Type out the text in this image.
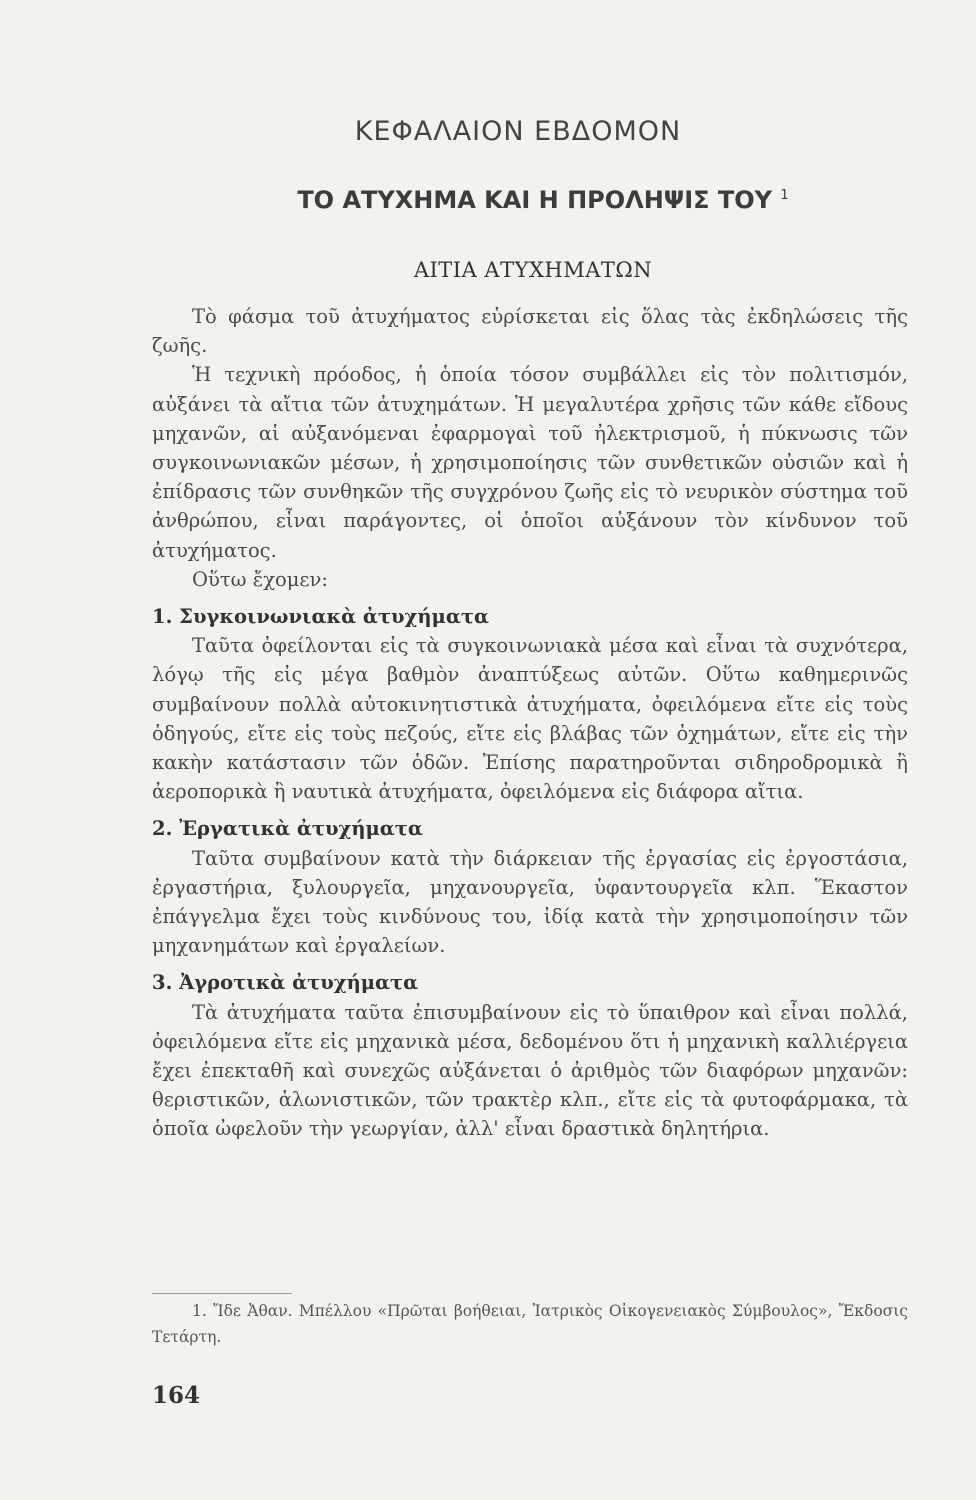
ΚΕΦΑΛΑΙΟΝ ΕΒΔΟΜΟΝ
ΤΟ ΑΤΥΧΗΜΑ ΚΑΙ Η ΠΡΟΛΗΨΙΣ ΤΟΥ $^1$
ΑΙΤΙΑ ΑΤΥΧΗΜΑΤΩΝ

Τὸ φάσμα τοῦ ἀτυχήματος εὑρίσκεται εἰς ὅλας τὰς ἐκδηλώσεις τῆς ζωῆς.

Ἡ τεχνικὴ πρόοδος, ἡ ὁποία τόσον συμβάλλει εἰς τὸν πολιτισμόν, αὐξάνει τὰ αἴτια τῶν ἀτυχημάτων. Ἡ μεγαλυτέρα χρῆσις τῶν κάθε εἴδους μηχανῶν, αἱ αὐξανόμεναι ἐφαρμογαὶ τοῦ ἠλεκτρισμοῦ, ἡ πύκνωσις τῶν συγκοινωνιακῶν μέσων, ἡ χρησιμοποίησις τῶν συνθετικῶν οὐσιῶν καὶ ἡ ἐπίδρασις τῶν συνθηκῶν τῆς συγχρόνου ζωῆς εἰς τὸ νευρικὸν σύστημα τοῦ ἀνθρώπου, εἶναι παράγοντες, οἱ ὁποῖοι αὐξάνουν τὸν κίνδυνον τοῦ ἀτυχήματος.

Οὕτω ἔχομεν:

1. Συγκοινωνιακὰ ἀτυχήματα

Ταῦτα ὀφείλονται εἰς τὰ συγκοινωνιακὰ μέσα καὶ εἶναι τὰ συχνότερα, λόγῳ τῆς εἰς μέγα βαθμὸν ἀναπτύξεως αὐτῶν. Οὕτω καθημερινῶς συμβαίνουν πολλὰ αὐτοκινητιστικὰ ἀτυχήματα, ὀφειλόμενα εἴτε εἰς τοὺς ὁδηγούς, εἴτε εἰς τοὺς πεζούς, εἴτε εἰς βλάβας τῶν ὀχημάτων, εἴτε εἰς τὴν κακὴν κατάστασιν τῶν ὁδῶν. Ἐπίσης παρατηροῦνται σιδηροδρομικὰ ἢ ἀεροπορικὰ ἢ ναυτικὰ ἀτυχήματα, ὀφειλόμενα εἰς διάφορα αἴτια.

2. Ἐργατικὰ ἀτυχήματα

Ταῦτα συμβαίνουν κατὰ τὴν διάρκειαν τῆς ἐργασίας εἰς ἐργοστάσια, ἐργαστήρια, ξυλουργεῖα, μηχανουργεῖα, ὑφαντουργεῖα κλπ. Ἕκαστον ἐπάγγελμα ἔχει τοὺς κινδύνους του, ἰδίᾳ κατὰ τὴν χρησιμοποίησιν τῶν μηχανημάτων καὶ ἐργαλείων.

3. Ἀγροτικὰ ἀτυχήματα

Τὰ ἀτυχήματα ταῦτα ἐπισυμβαίνουν εἰς τὸ ὕπαιθρον καὶ εἶναι πολλά, ὀφειλόμενα εἴτε εἰς μηχανικὰ μέσα, δεδομένου ὅτι ἡ μηχανικὴ καλλιέργεια ἔχει ἐπεκταθῆ καὶ συνεχῶς αὐξάνεται ὁ ἀριθμὸς τῶν διαφόρων μηχανῶν: θεριστικῶν, ἁλωνιστικῶν, τῶν τρακτὲρ κλπ., εἴτε εἰς τὰ φυτοφάρμακα, τὰ ὁποῖα ὠφελοῦν τὴν γεωργίαν, ἀλλ' εἶναι δραστικὰ δηλητήρια.

1. Ἴδε Ἀθαν. Μπέλλου «Πρῶται βοήθειαι, Ἰατρικὸς Οἰκογενειακὸς Σύμβουλος», Ἔκδοσις Τετάρτη.
164
